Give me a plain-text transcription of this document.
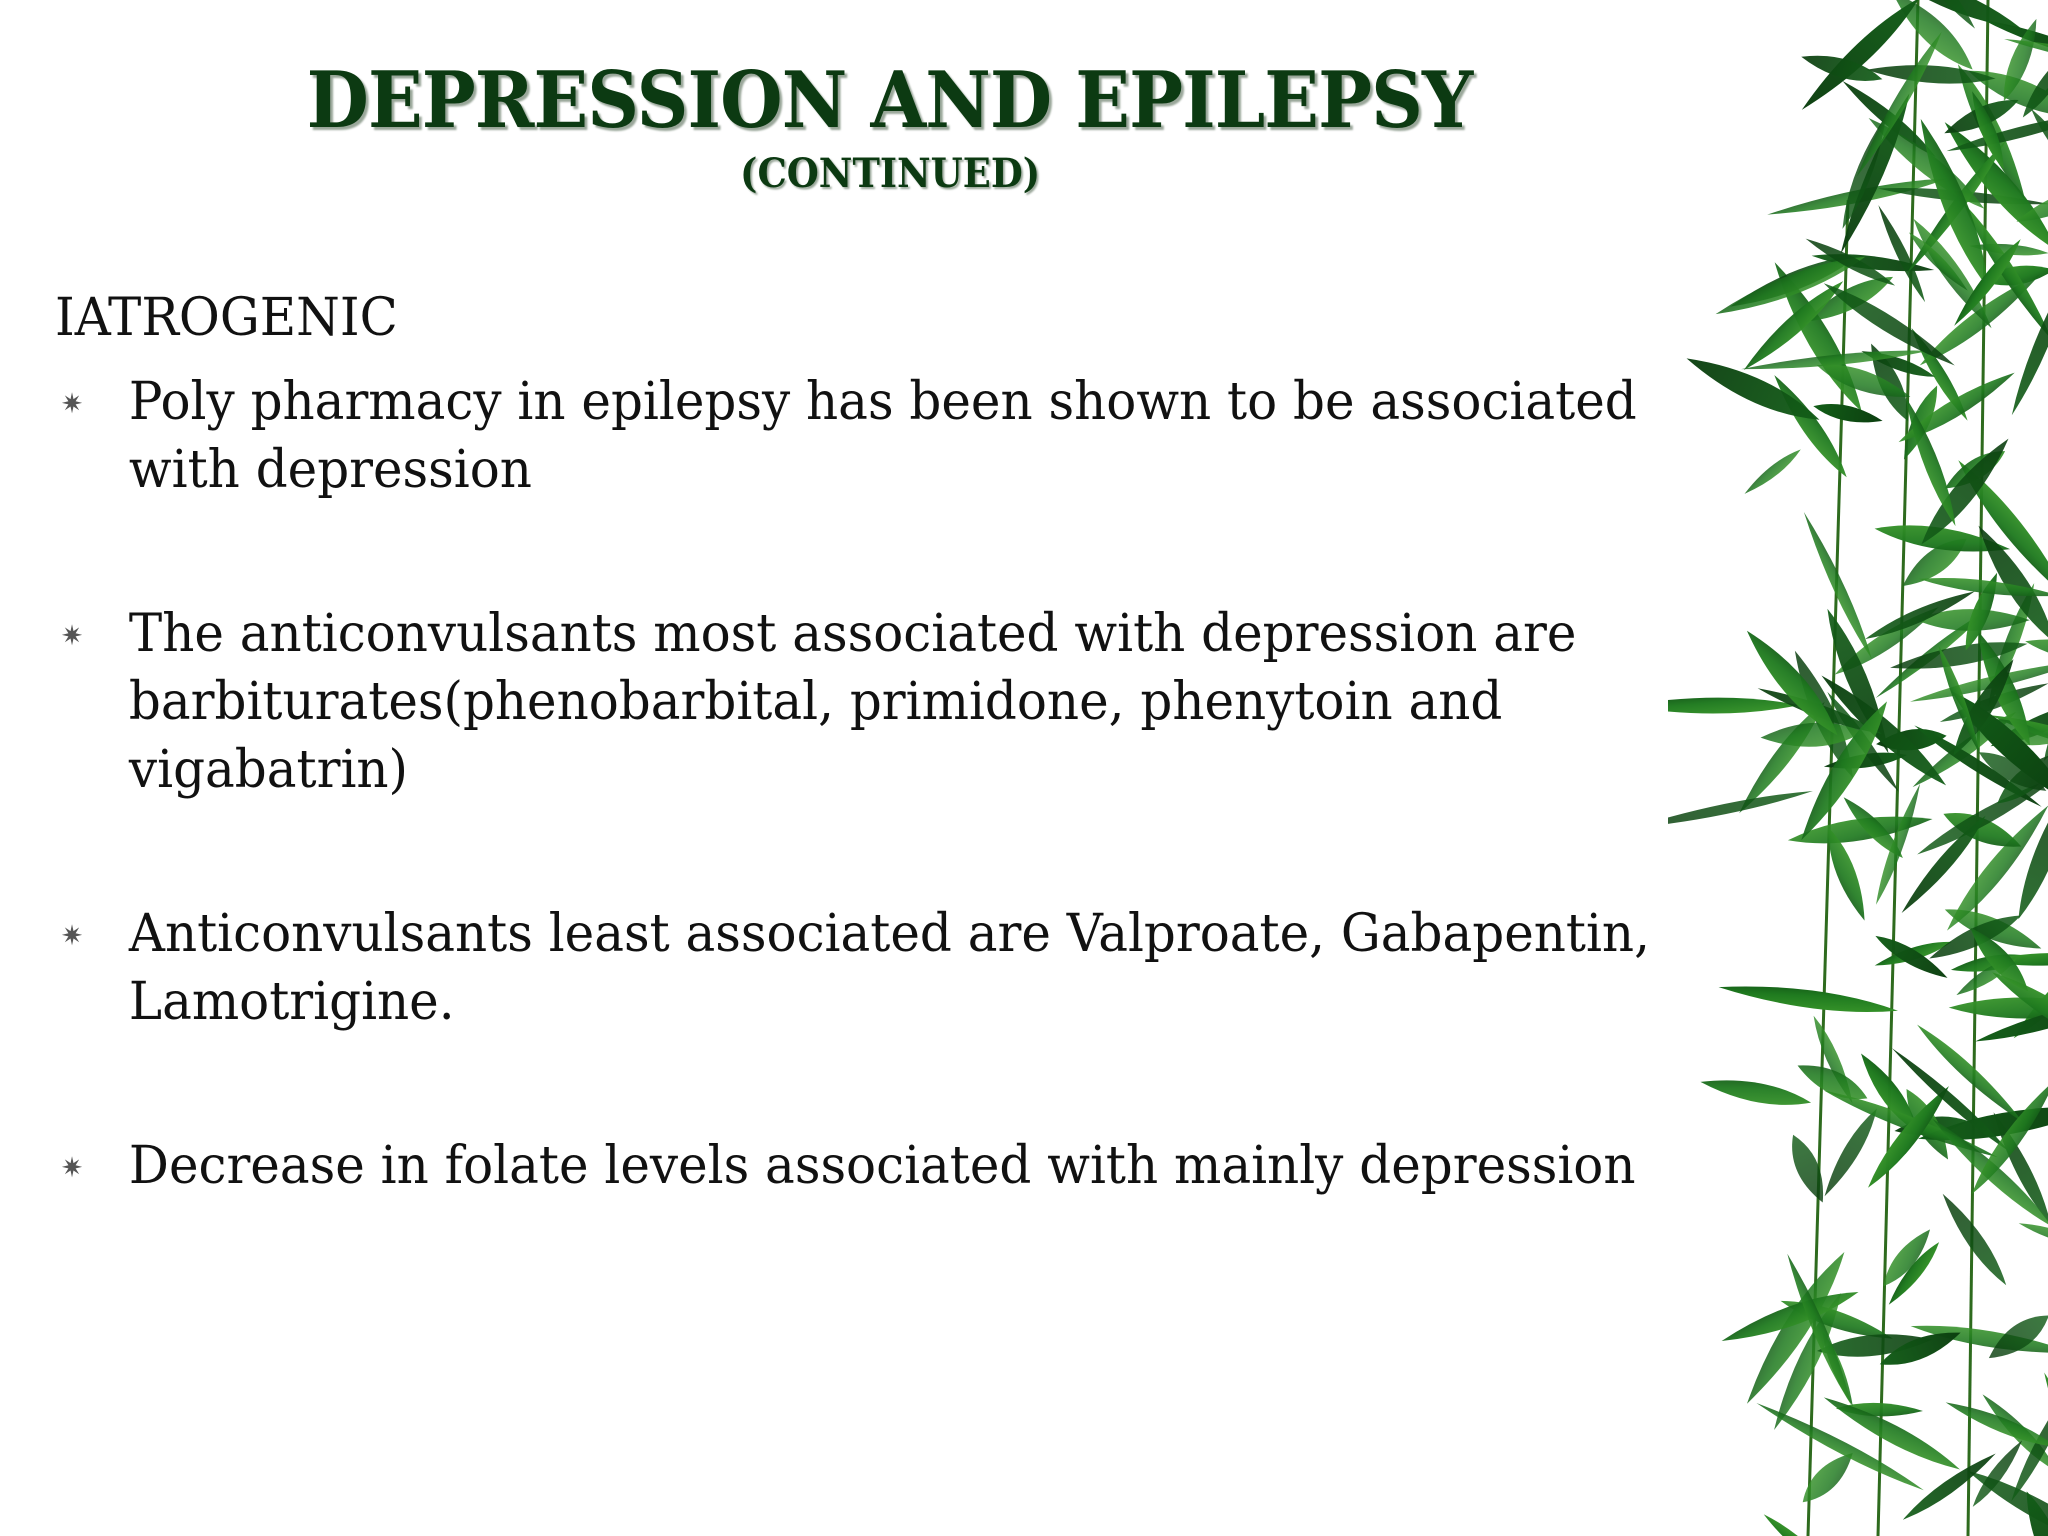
DEPRESSION AND EPILEPSY
(CONTINUED)
IATROGENIC
✷ Poly pharmacy in epilepsy has been shown to be associated with depression
✷ The anticonvulsants most associated with depression are barbiturates(phenobarbital, primidone, phenytoin and vigabatrin)
✷ Anticonvulsants least associated are Valproate, Gabapentin, Lamotrigine.
✷ Decrease in folate levels associated with mainly depression
